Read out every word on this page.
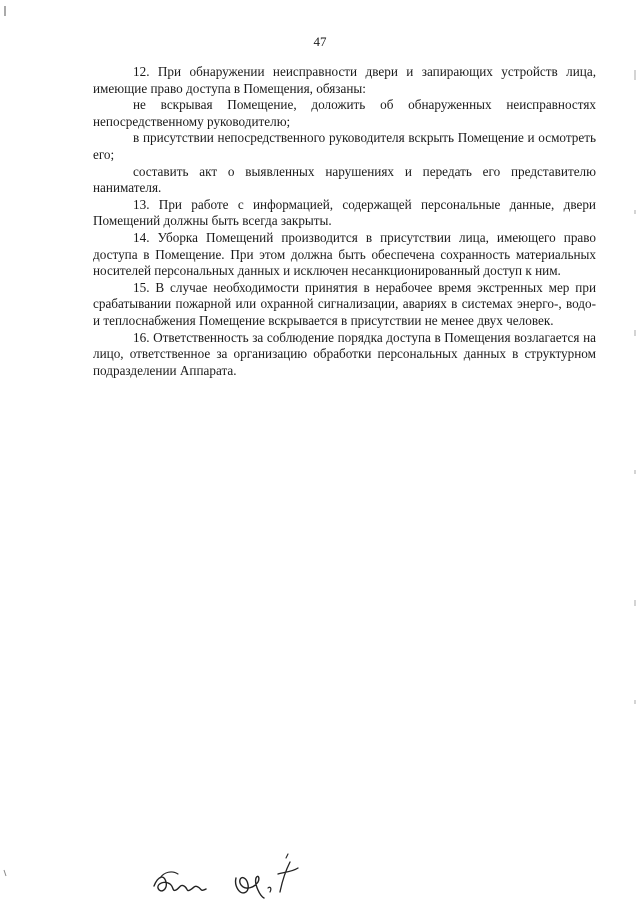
47

12. При обнаружении неисправности двери и запирающих устройств лица, имеющие право доступа в Помещения, обязаны:

не вскрывая Помещение, доложить об обнаруженных неисправностях непосредственному руководителю;

в присутствии непосредственного руководителя вскрыть Помещение и осмотреть его;

составить акт о выявленных нарушениях и передать его представителю нанимателя.

13. При работе с информацией, содержащей персональные данные, двери Помещений должны быть всегда закрыты.

14. Уборка Помещений производится в присутствии лица, имеющего право доступа в Помещение. При этом должна быть обеспечена сохранность материальных носителей персональных данных и исключен несанкционированный доступ к ним.

15. В случае необходимости принятия в нерабочее время экстренных мер при срабатывании пожарной или охранной сигнализации, авариях в системах энерго-, водо- и теплоснабжения Помещение вскрывается в присутствии не менее двух человек.

16. Ответственность за соблюдение порядка доступа в Помещения возлагается на лицо, ответственное за организацию обработки персональных данных в структурном подразделении Аппарата.
